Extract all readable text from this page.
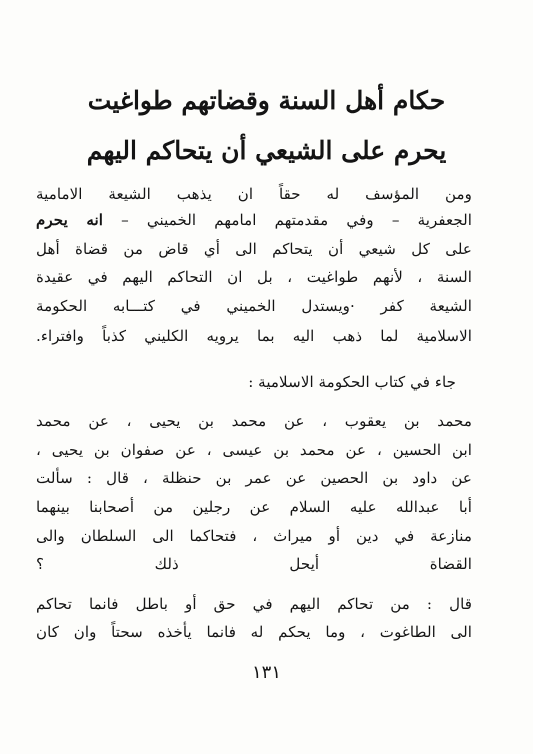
حكام أهل السنة وقضاتهم طواغيت
يحرم على الشيعي أن يتحاكم اليهم
ومن المؤسف له حقاً ان يذهب الشيعة الامامية
الجعفرية – وفي مقدمتهم امامهم الخميني – انه يحرم
على كل شيعي أن يتحاكم الى أي قاض من قضاة أهل
السنة ، لأنهم طواغيت ، بل ان التحاكم اليهم في عقيدة
الشيعة كفر ·ويستدل الخميني في كتـــابه الحكومة
الاسلامية لما ذهب اليه بما يرويه الكليني كذباً وافتراء.
جاء في كتاب الحكومة الاسلامية :
محمد بن يعقوب ، عن محمد بن يحيى ، عن محمد
ابن الحسين ، عن محمد بن عيسى ، عن صفوان بن يحيى ،
عن داود بن الحصين عن عمر بن حنظلة ، قال : سألت
أبا عبدالله عليه السلام عن رجلين من أصحابنا بينهما
منازعة في دين أو ميراث ، فتحاكما الى السلطان والى
القضاة أيحل ذلك ؟
قال : من تحاكم اليهم في حق أو باطل فانما تحاكم
الى الطاغوت ، وما يحكم له فانما يأخذه سحتاً وان كان
١٣١
